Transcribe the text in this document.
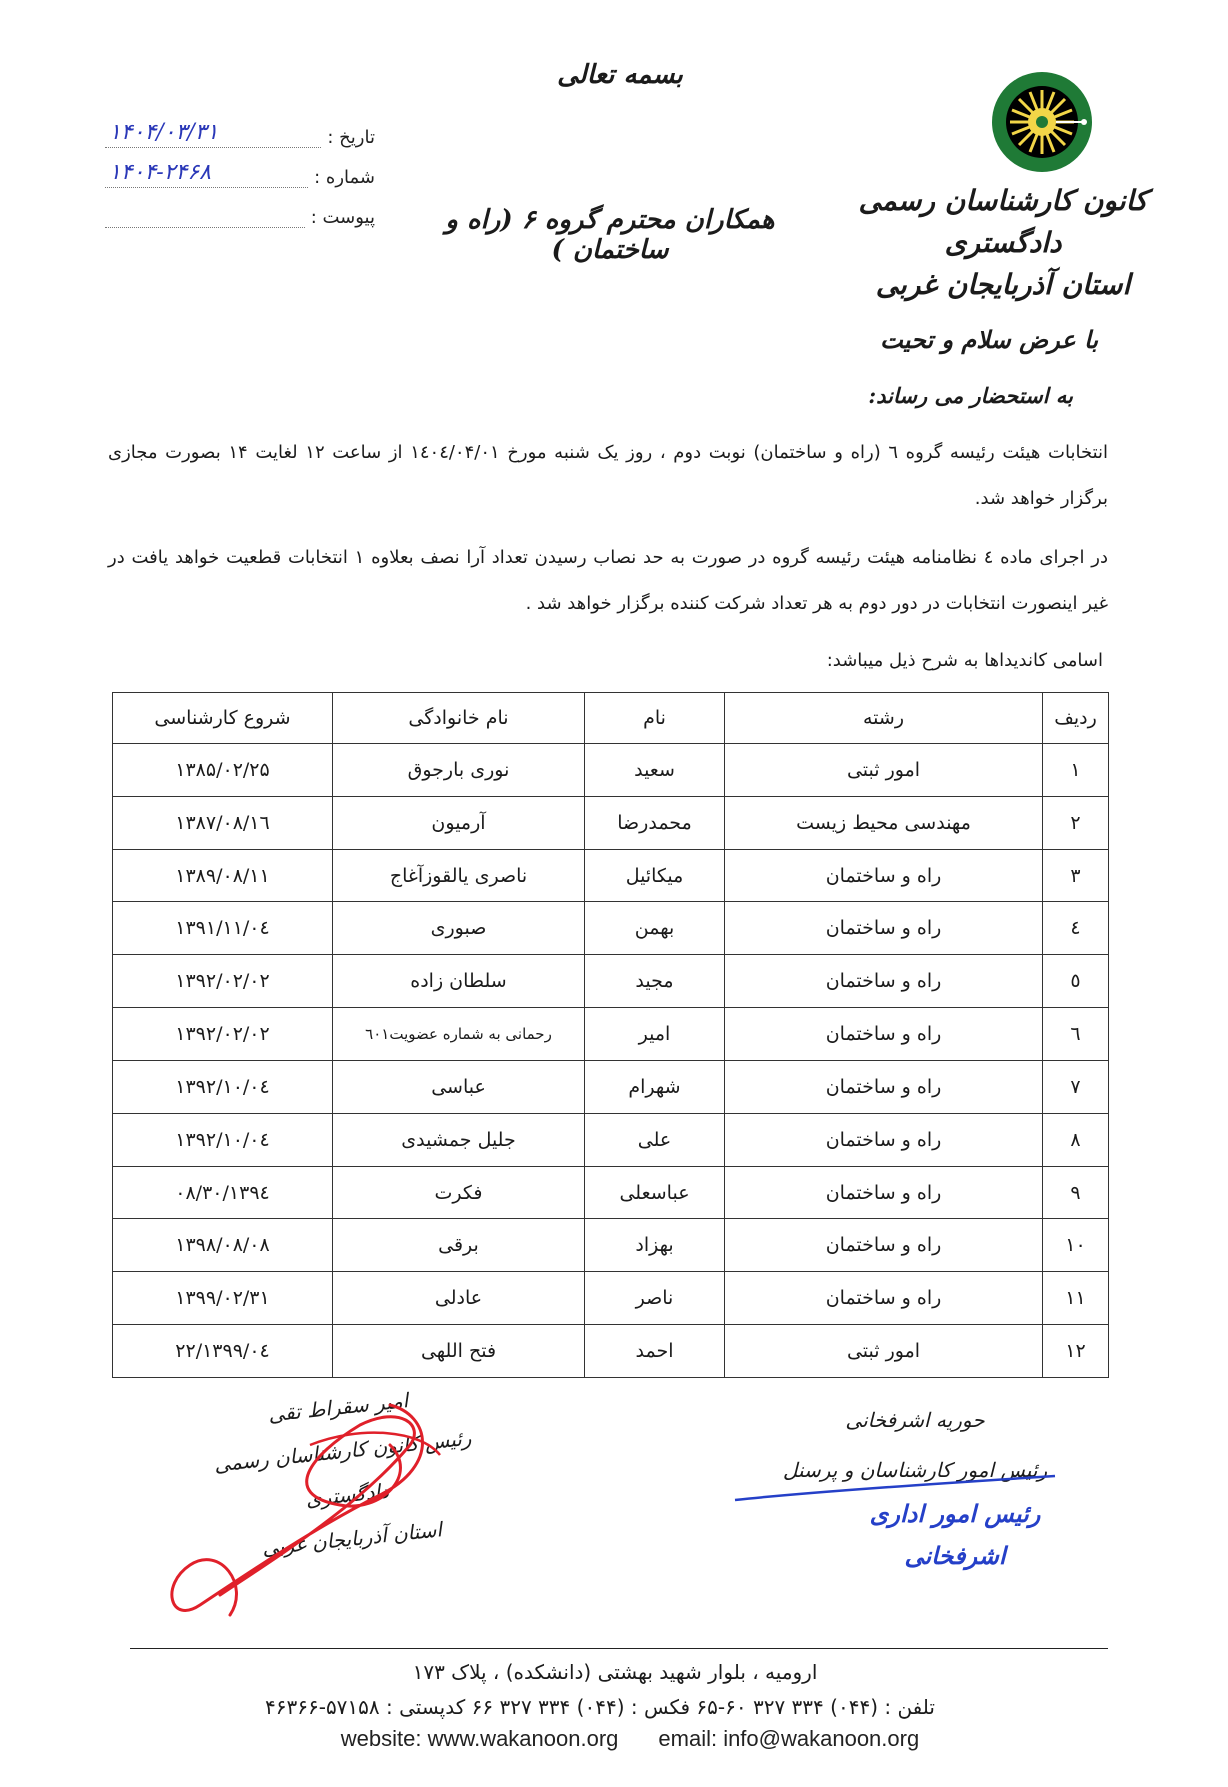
بسمه تعالی
کانون کارشناسان رسمی دادگستری
استان آذربایجان غربی
تاریخ :
۱۴۰۴/۰۳/۳۱
شماره :
۱۴۰۴-۲۴۶۸
پیوست :	همکاران محترم گروه ۶ (راه و ساختمان )
با عرض سلام و تحیت
به استحضار می رساند:
انتخابات هیئت رئیسه گروه ٦ (راه و ساختمان) نوبت دوم ، روز یک شنبه مورخ ۱٤۰٤/۰۴/۰۱ از ساعت ۱۲ لغایت ۱۴ بصورت مجازی برگزار خواهد شد.
در اجرای ماده ٤ نظامنامه هیئت رئیسه گروه در صورت به حد نصاب رسیدن تعداد آرا نصف بعلاوه ۱ انتخابات قطعیت خواهد یافت در غیر اینصورت انتخابات در دور دوم به هر تعداد شرکت کننده برگزار خواهد شد .
اسامی کاندیداها به شرح ذیل میباشد:
ردیف	رشته	نام	نام خانوادگی	شروع کارشناسی
۱	امور ثبتی	سعید	نوری بارجوق	۱۳۸۵/۰۲/۲۵
۲	مهندسی محیط زیست	محمدرضا	آرمیون	۱۳۸۷/۰۸/۱٦
۳	راه و ساختمان	میکائیل	ناصری یالقوزآغاج	۱۳۸۹/۰۸/۱۱
٤	راه و ساختمان	بهمن	صبوری	۱۳۹۱/۱۱/۰٤
٥	راه و ساختمان	مجید	سلطان زاده	۱۳۹۲/۰۲/۰۲
٦	راه و ساختمان	امیر	رحمانی به شماره عضویت٦۰۱	۱۳۹۲/۰۲/۰۲
۷	راه و ساختمان	شهرام	عباسی	۱۳۹۲/۱۰/۰٤
۸	راه و ساختمان	علی	جلیل جمشیدی	۱۳۹۲/۱۰/۰٤
۹	راه و ساختمان	عباسعلی	فکرت	۱۳۹٤/۰۸/۳۰
۱۰	راه و ساختمان	بهزاد	برقی	۱۳۹۸/۰۸/۰۸
۱۱	راه و ساختمان	ناصر	عادلی	۱۳۹۹/۰۲/۳۱
۱۲	امور ثبتی	احمد	فتح اللهی	۱۳۹۹/۰٤/۲۲
امیر سقراط تقی
رئیس کانون کارشناسان رسمی دادگستری
استان آذربایجان غربی
حوریه اشرفخانی
رئیس امور کارشناسان و پرسنل
رئیس امور اداری
اشرفخانی
ارومیه ، بلوار شهید بهشتی (دانشکده) ، پلاک ۱۷۳
تلفن : (۰۴۴) ۳۳۴ ۳۲۷ ۶۰-۶۵ فکس : (۰۴۴) ۳۳۴ ۳۲۷ ۶۶ کدپستی : ۵۷۱۵۸-۴۶۳۶۶
website: www.wakanoon.org email: info@wakanoon.org
